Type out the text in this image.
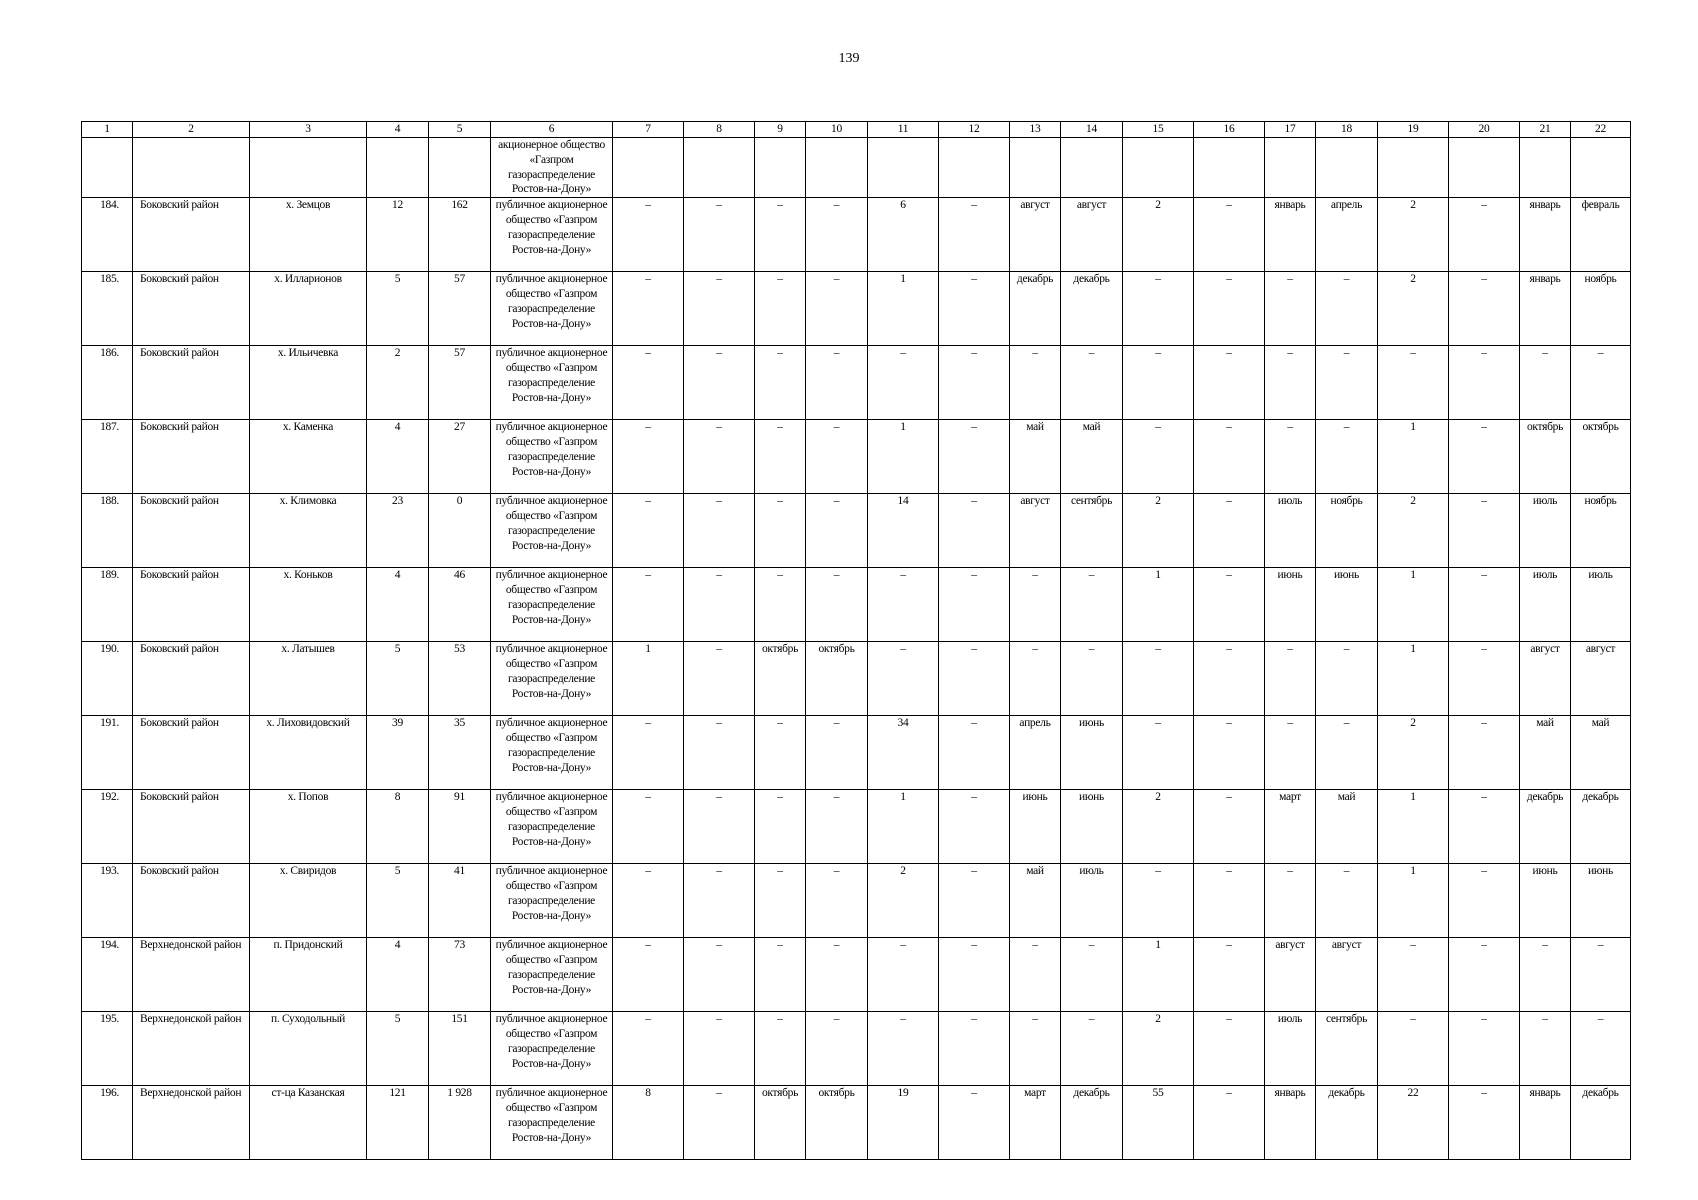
139
1	2	3	4	5	6	7	8	9	10	11	12	13	14	15	16	17	18	19	20	21	22
					акционерное общество «Газпром газораспределение Ростов-на-Дону»																
184.	Боковский район	х. Земцов	12	162	публичное акционерное общество «Газпром газораспределение Ростов-на-Дону»	–	–	–	–	6	–	август	август	2	–	январь	апрель	2	–	январь	февраль
185.	Боковский район	х. Илларионов	5	57	публичное акционерное общество «Газпром газораспределение Ростов-на-Дону»	–	–	–	–	1	–	декабрь	декабрь	–	–	–	–	2	–	январь	ноябрь
186.	Боковский район	х. Ильичевка	2	57	публичное акционерное общество «Газпром газораспределение Ростов-на-Дону»	–	–	–	–	–	–	–	–	–	–	–	–	–	–	–	–
187.	Боковский район	х. Каменка	4	27	публичное акционерное общество «Газпром газораспределение Ростов-на-Дону»	–	–	–	–	1	–	май	май	–	–	–	–	1	–	октябрь	октябрь
188.	Боковский район	х. Климовка	23	0	публичное акционерное общество «Газпром газораспределение Ростов-на-Дону»	–	–	–	–	14	–	август	сентябрь	2	–	июль	ноябрь	2	–	июль	ноябрь
189.	Боковский район	х. Коньков	4	46	публичное акционерное общество «Газпром газораспределение Ростов-на-Дону»	–	–	–	–	–	–	–	–	1	–	июнь	июнь	1	–	июль	июль
190.	Боковский район	х. Латышев	5	53	публичное акционерное общество «Газпром газораспределение Ростов-на-Дону»	1	–	октябрь	октябрь	–	–	–	–	–	–	–	–	1	–	август	август
191.	Боковский район	х. Лиховидовский	39	35	публичное акционерное общество «Газпром газораспределение Ростов-на-Дону»	–	–	–	–	34	–	апрель	июнь	–	–	–	–	2	–	май	май
192.	Боковский район	х. Попов	8	91	публичное акционерное общество «Газпром газораспределение Ростов-на-Дону»	–	–	–	–	1	–	июнь	июнь	2	–	март	май	1	–	декабрь	декабрь
193.	Боковский район	х. Свиридов	5	41	публичное акционерное общество «Газпром газораспределение Ростов-на-Дону»	–	–	–	–	2	–	май	июль	–	–	–	–	1	–	июнь	июнь
194.	Верхнедонской район	п. Придонский	4	73	публичное акционерное общество «Газпром газораспределение Ростов-на-Дону»	–	–	–	–	–	–	–	–	1	–	август	август	–	–	–	–
195.	Верхнедонской район	п. Суходольный	5	151	публичное акционерное общество «Газпром газораспределение Ростов-на-Дону»	–	–	–	–	–	–	–	–	2	–	июль	сентябрь	–	–	–	–
196.	Верхнедонской район	ст-ца Казанская	121	1 928	публичное акционерное общество «Газпром газораспределение Ростов-на-Дону»	8	–	октябрь	октябрь	19	–	март	декабрь	55	–	январь	декабрь	22	–	январь	декабрь
